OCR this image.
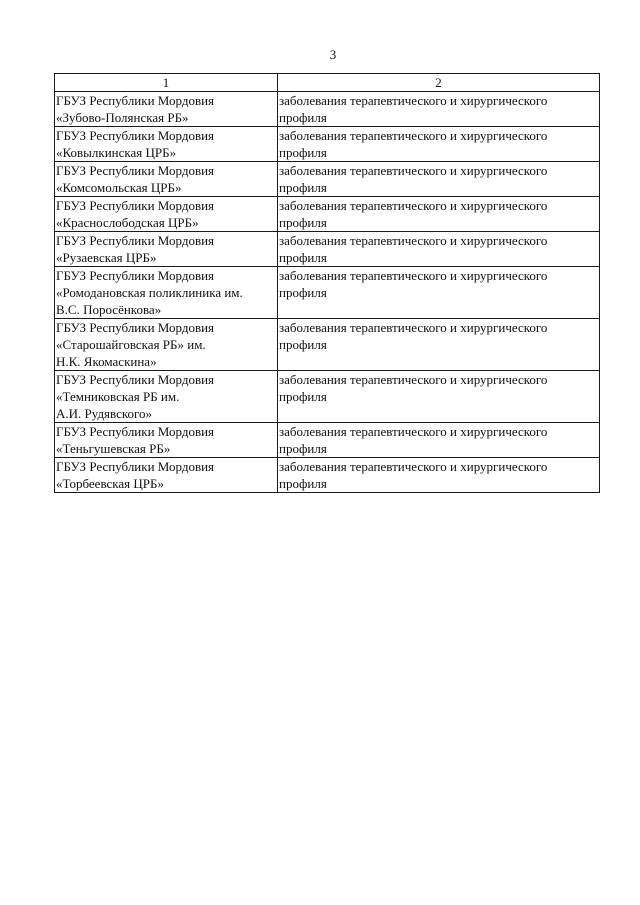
3
1	2

ГБУЗ Республики Мордовия
«Зубово-Полянская РБ»	заболевания терапевтического и хирургического
профиля

ГБУЗ Республики Мордовия
«Ковылкинская ЦРБ»	заболевания терапевтического и хирургического
профиля

ГБУЗ Республики Мордовия
«Комсомольская ЦРБ»	заболевания терапевтического и хирургического
профиля

ГБУЗ Республики Мордовия
«Краснослободская ЦРБ»	заболевания терапевтического и хирургического
профиля

ГБУЗ Республики Мордовия
«Рузаевская ЦРБ»	заболевания терапевтического и хирургического
профиля

ГБУЗ Республики Мордовия
«Ромодановская поликлиника им.
В.С. Поросёнкова»	заболевания терапевтического и хирургического
профиля

ГБУЗ Республики Мордовия
«Старошайговская РБ» им.
Н.К. Якомаскина»	заболевания терапевтического и хирургического
профиля

ГБУЗ Республики Мордовия
«Темниковская РБ им.
А.И. Рудявского»	заболевания терапевтического и хирургического
профиля

ГБУЗ Республики Мордовия
«Теньгушевская РБ»	заболевания терапевтического и хирургического
профиля

ГБУЗ Республики Мордовия
«Торбеевская ЦРБ»	заболевания терапевтического и хирургического
профиля
